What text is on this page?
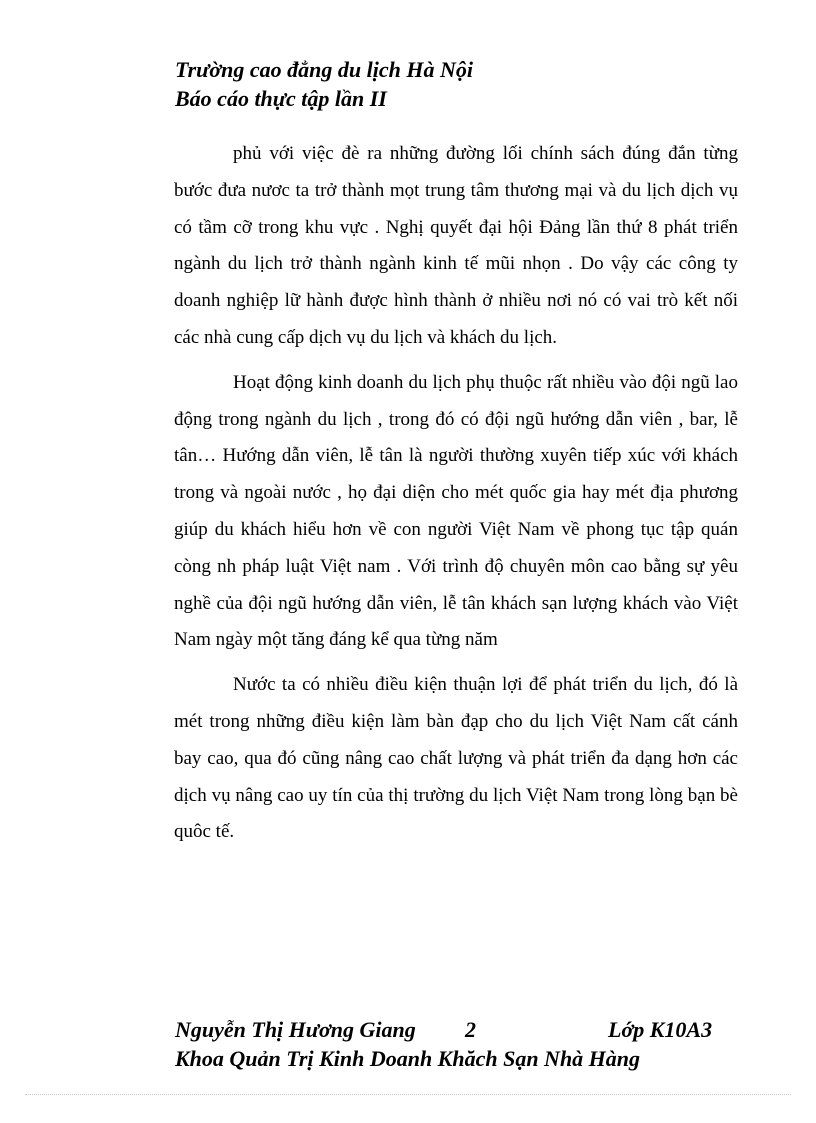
Trường cao đẳng du lịch Hà Nội
Báo cáo thực tập lần II

phủ với việc đè ra những đường lối chính sách đúng đắn từng bước đưa nươc ta trở thành mọt trung tâm thương mại và du lịch dịch vụ có tầm cỡ trong khu vực . Nghị quyết đại hội Đảng lần thứ 8 phát triển ngành du lịch trở thành ngành kinh tế mũi nhọn . Do vậy các công ty doanh nghiệp lữ hành được hình thành ở nhiều nơi nó có vai trò kết nối các nhà cung cấp dịch vụ du lịch và khách du lịch.

Hoạt động kinh doanh du lịch phụ thuộc rất nhiều vào đội ngũ lao động trong ngành du lịch , trong đó có đội ngũ hướng dẫn viên , bar, lễ tân… Hướng dẫn viên, lễ tân là người thường xuyên tiếp xúc với khách trong và ngoài nước , họ đại diện cho mét quốc gia hay mét địa phương giúp du khách hiểu hơn về con người Việt Nam về phong tục tập quán còng nh pháp luật Việt nam . Với trình độ chuyên môn cao bằng sự yêu nghề của đội ngũ hướng dẫn viên, lễ tân khách sạn lượng khách vào Việt Nam ngày một tăng đáng kể qua từng năm

Nước ta có nhiều điều kiện thuận lợi để phát triển du lịch, đó là mét trong những điều kiện làm bàn đạp cho du lịch Việt Nam cất cánh bay cao, qua đó cũng nâng cao chất lượng và phát triển đa dạng hơn các dịch vụ nâng cao uy tín của thị trường du lịch Việt Nam trong lòng bạn bè quôc tế.

Nguyễn Thị Hương Giang 2	Lớp K10A3
Khoa Quản Trị Kinh Doanh Khăch Sạn Nhà Hàng
